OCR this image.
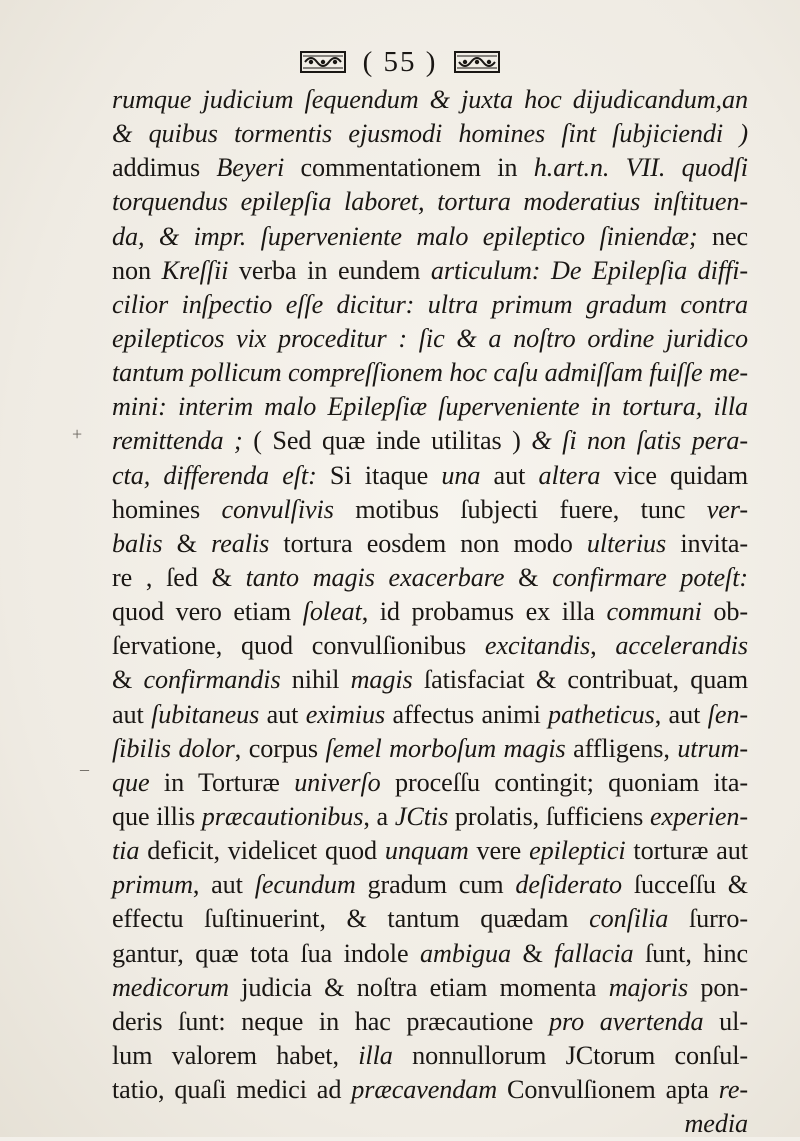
( 55 )
+
–
rumque judicium ſequendum & juxta hoc dijudicandum,an
& quibus tormentis ejusmodi homines ſint ſubjiciendi )
addimus Beyeri commentationem in h.art.n. VII. quodſi
torquendus epilepſia laboret, tortura moderatius inſtituen-
da, & impr. ſuperveniente malo epileptico ſiniendæ; nec
non Kreſſii verba in eundem articulum: De Epilepſia diffi-
cilior inſpectio eſſe dicitur: ultra primum gradum contra
epilepticos vix proceditur : ſic & a noſtro ordine juridico
tantum pollicum compreſſionem hoc caſu admiſſam fuiſſe me-
mini: interim malo Epilepſiæ ſuperveniente in tortura, illa
remittenda ; ( Sed quæ inde utilitas ) & ſi non ſatis pera-
cta, differenda eſt: Si itaque una aut altera vice quidam
homines convulſivis motibus ſubjecti fuere, tunc ver-
balis & realis tortura eosdem non modo ulterius invita-
re , ſed & tanto magis exacerbare & confirmare poteſt:
quod vero etiam ſoleat, id probamus ex illa communi ob-
ſervatione, quod convulſionibus excitandis, accelerandis
& confirmandis nihil magis ſatisfaciat & contribuat, quam
aut ſubitaneus aut eximius affectus animi patheticus, aut ſen-
ſibilis dolor, corpus ſemel morboſum magis affligens, utrum-
que in Torturæ univerſo proceſſu contingit; quoniam ita-
que illis præcautionibus, a JCtis prolatis, ſufficiens experien-
tia deficit, videlicet quod unquam vere epileptici torturæ aut
primum, aut ſecundum gradum cum deſiderato ſucceſſu &
effectu ſuſtinuerint, & tantum quædam conſilia ſurro-
gantur, quæ tota ſua indole ambigua & fallacia ſunt, hinc
medicorum judicia & noſtra etiam momenta majoris pon-
deris ſunt: neque in hac præcautione pro avertenda ul-
lum valorem habet, illa nonnullorum JCtorum conſul-
tatio, quaſi medici ad præcavendam Convulſionem apta re-
media
